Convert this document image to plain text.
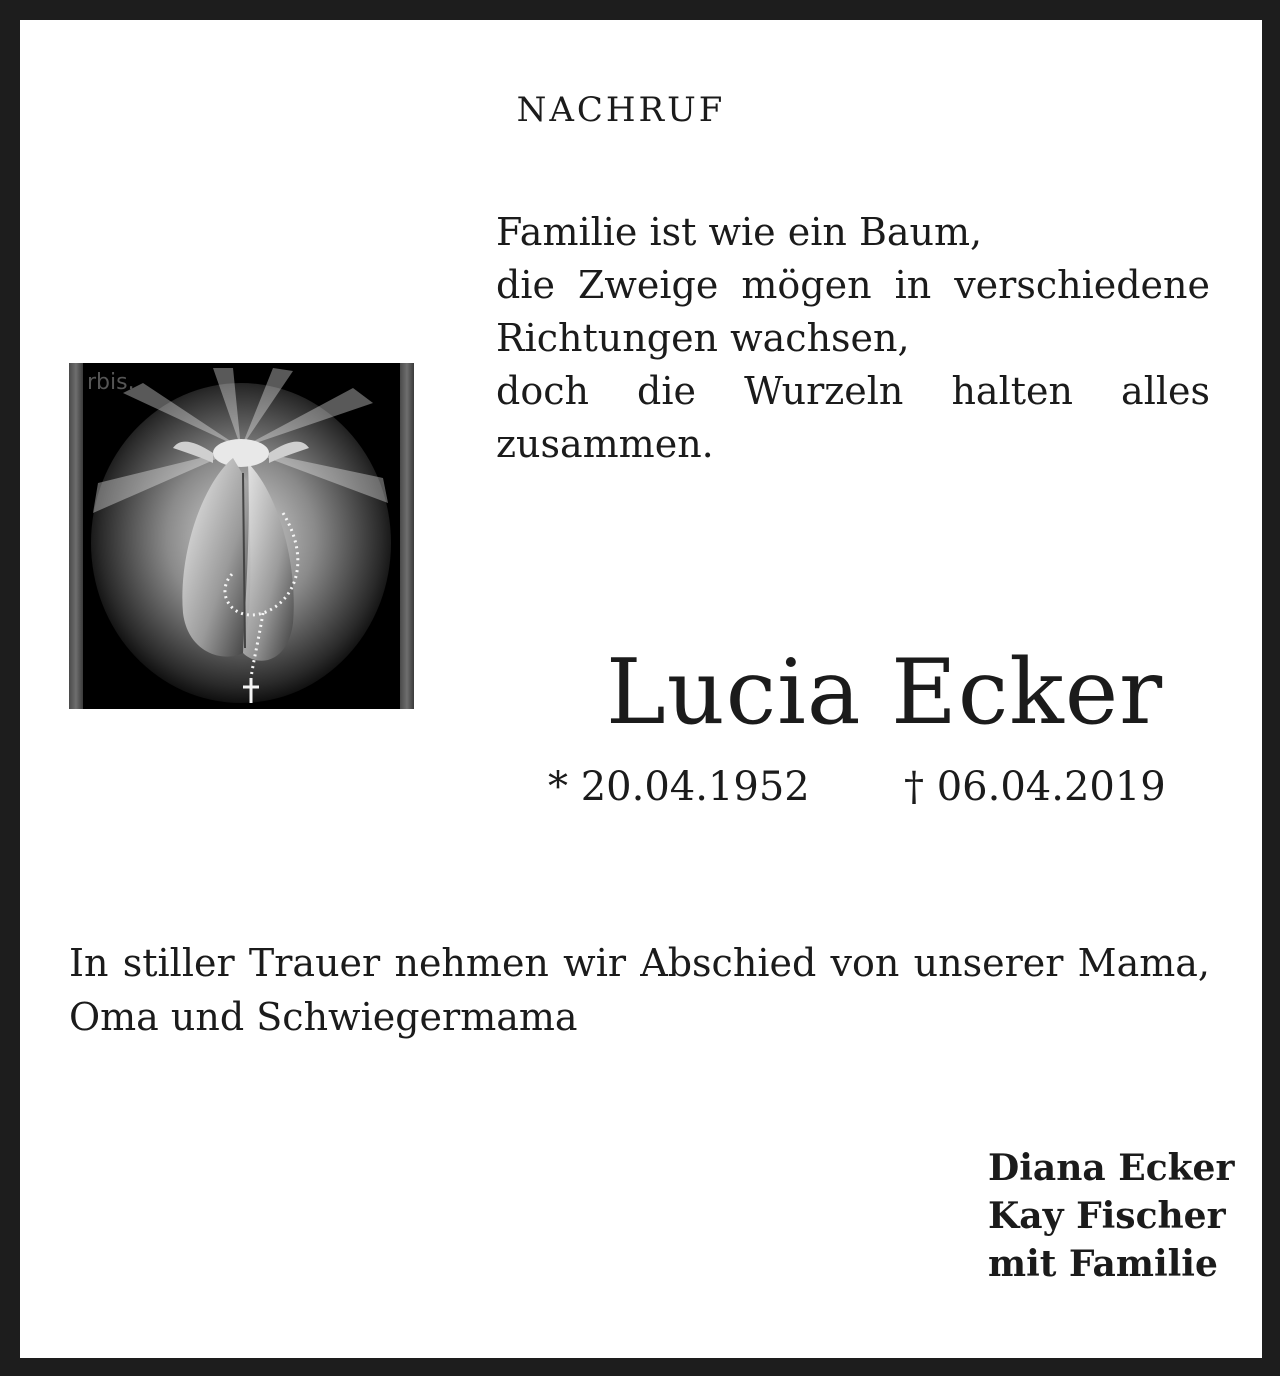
NACHRUF
Familie ist wie ein Baum,
die Zweige mögen in verschiedene
Richtungen wachsen,
doch die Wurzeln halten alles
zusammen.
rbis.
Lucia Ecker
* 20.04.1952 † 06.04.2019
In stiller Trauer nehmen wir Abschied von unserer Mama,
Oma und Schwiegermama
Diana Ecker
Kay Fischer
mit Familie
